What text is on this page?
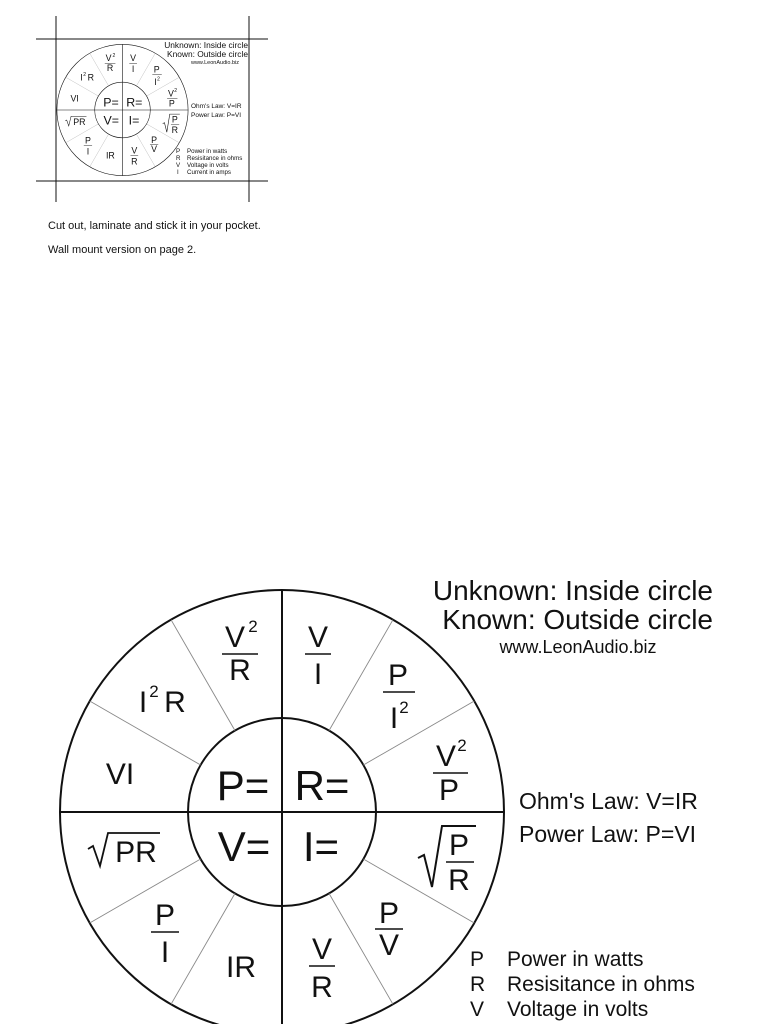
Unknown: Inside circle
Known: Outside circle
www.LeonAudio.biz
Ohm's Law: V=IR
Power Law: P=VI
P Power in watts
R Resisitance in ohms
V Voltage in volts
I Current in amps

Cut out, laminate and stick it in your pocket.

Wall mount version on page 2.

Unknown: Inside circle
Known: Outside circle
www.LeonAudio.biz
Ohm's Law: V=IR
Power Law: P=VI
P Power in watts
R Resisitance in ohms
V Voltage in volts
